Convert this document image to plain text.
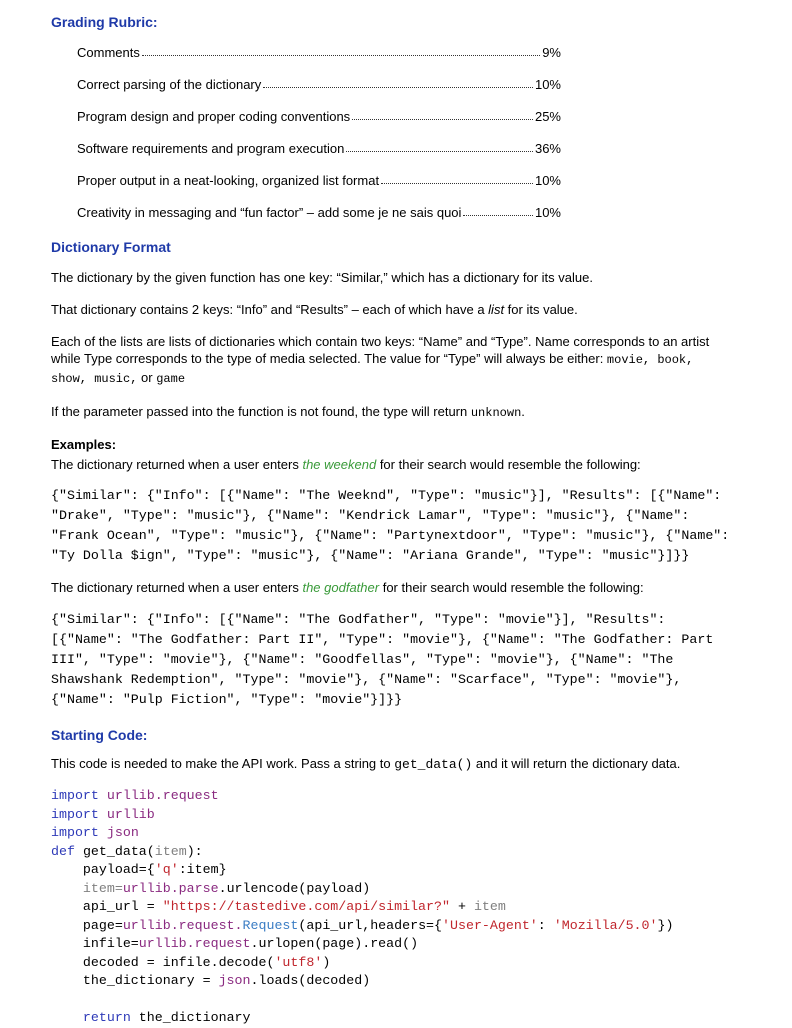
Grading Rubric:
Comments	9%
Correct parsing of the dictionary	10%
Program design and proper coding conventions	25%
Software requirements and program execution	36%
Proper output in a neat-looking, organized list format	10%
Creativity in messaging and “fun factor” – add some je ne sais quoi	10%
Dictionary Format
The dictionary by the given function has one key: “Similar,” which has a dictionary for its value.
That dictionary contains 2 keys: “Info” and “Results” – each of which have a list for its value.
Each of the lists are lists of dictionaries which contain two keys: “Name” and “Type”. Name corresponds to an artist
while Type corresponds to the type of media selected. The value for “Type” will always be either: movie, book,
show, music, or game
If the parameter passed into the function is not found, the type will return unknown.
Examples:
The dictionary returned when a user enters the weekend for their search would resemble the following:
{"Similar": {"Info": [{"Name": "The Weeknd", "Type": "music"}], "Results": [{"Name":
"Drake", "Type": "music"}, {"Name": "Kendrick Lamar", "Type": "music"}, {"Name":
"Frank Ocean", "Type": "music"}, {"Name": "Partynextdoor", "Type": "music"}, {"Name":
"Ty Dolla $ign", "Type": "music"}, {"Name": "Ariana Grande", "Type": "music"}]}}
The dictionary returned when a user enters the godfather for their search would resemble the following:
{"Similar": {"Info": [{"Name": "The Godfather", "Type": "movie"}], "Results":
[{"Name": "The Godfather: Part II", "Type": "movie"}, {"Name": "The Godfather: Part
III", "Type": "movie"}, {"Name": "Goodfellas", "Type": "movie"}, {"Name": "The
Shawshank Redemption", "Type": "movie"}, {"Name": "Scarface", "Type": "movie"},
{"Name": "Pulp Fiction", "Type": "movie"}]}}
Starting Code:
This code is needed to make the API work. Pass a string to get_data() and it will return the dictionary data.
import urllib.request
import urllib
import json
def get_data(item):
payload={'q':item}
item=urllib.parse.urlencode(payload)
api_url = "https://tastedive.com/api/similar?" + item
page=urllib.request.Request(api_url,headers={'User-Agent': 'Mozilla/5.0'})
infile=urllib.request.urlopen(page).read()
decoded = infile.decode('utf8')
the_dictionary = json.loads(decoded)

return the_dictionary
